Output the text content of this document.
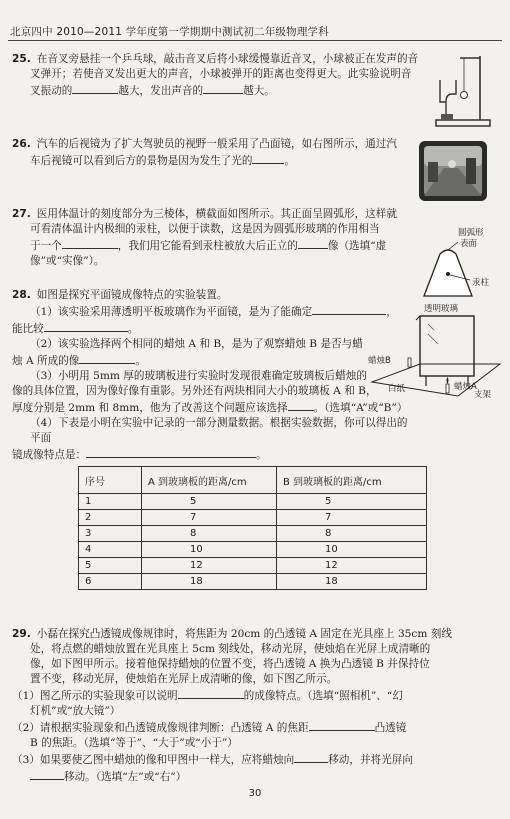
北京四中 2010—2011 学年度第一学期期中测试初二年级物理学科
25. 在音叉旁悬挂一个乒乓球，敲击音叉后将小球缓慢靠近音叉，小球被正在发声的音
叉弹开；若使音叉发出更大的声音，小球被弹开的距离也变得更大。此实验说明音
叉振动的	越大，发出声音的	越大。
26. 汽车的后视镜为了扩大驾驶员的视野一般采用了凸面镜，如右图所示，通过汽
车后视镜可以看到后方的景物是因为发生了光的	。
27. 医用体温计的刻度部分为三棱体，横截面如图所示。其正面呈圆弧形，这样就
可看清体温计内极细的汞柱，以便于读数，这是因为圆弧形玻璃的作用相当
于一个	，我们用它能看到汞柱被放大后正立的	像（选填“虚
像”或“实像”）。
圆弧形
表面
汞柱
28. 如图是探究平面镜成像特点的实验装置。
（1）该实验采用薄透明平板玻璃作为平面镜，是为了能确定	，
能比较	。
（2）该实验选择两个相同的蜡烛 A 和 B，是为了观察蜡烛 B 是否与蜡
烛 A 所成的像	。
（3）小明用 5mm 厚的玻璃板进行实验时发现很难确定玻璃板后蜡烛的
像的具体位置，因为像好像有重影。另外还有两块相同大小的玻璃板 A 和 B，
厚度分别是 2mm 和 8mm，他为了改善这个问题应该选择 。（选填“A”或“B”）
（4）下表是小明在实验中记录的一部分测量数据。根据实验数据，你可以得出的平面
镜成像特点是：	。
透明玻璃
蜡烛B
白纸	蜡烛A
支架
序号	A 到玻璃板的距离/cm	B 到玻璃板的距离/cm
1	5	5
2	7	7
3	8	8
4	10	10
5	12	12
6	18	18
29. 小磊在探究凸透镜成像规律时，将焦距为 20cm 的凸透镜 A 固定在光具座上 35cm 刻线
处，将点燃的蜡烛放置在光具座上 5cm 刻线处，移动光屏，使烛焰在光屏上成清晰的
像，如下图甲所示。接着他保持蜡烛的位置不变，将凸透镜 A 换为凸透镜 B 并保持位
置不变，移动光屏，使烛焰在光屏上成清晰的像，如下图乙所示。
（1）图乙所示的实验现象可以说明	的成像特点。（选填“照相机”、“幻
灯机”或“放大镜”）
（2）请根据实验现象和凸透镜成像规律判断：凸透镜 A 的焦距	凸透镜
B 的焦距。（选填“等于”、“大于”或“小于”）
（3）如果要使乙图中蜡烛的像和甲图中一样大，应将蜡烛向	移动，并将光屏向
移动。（选填“左”或“右”）
30
